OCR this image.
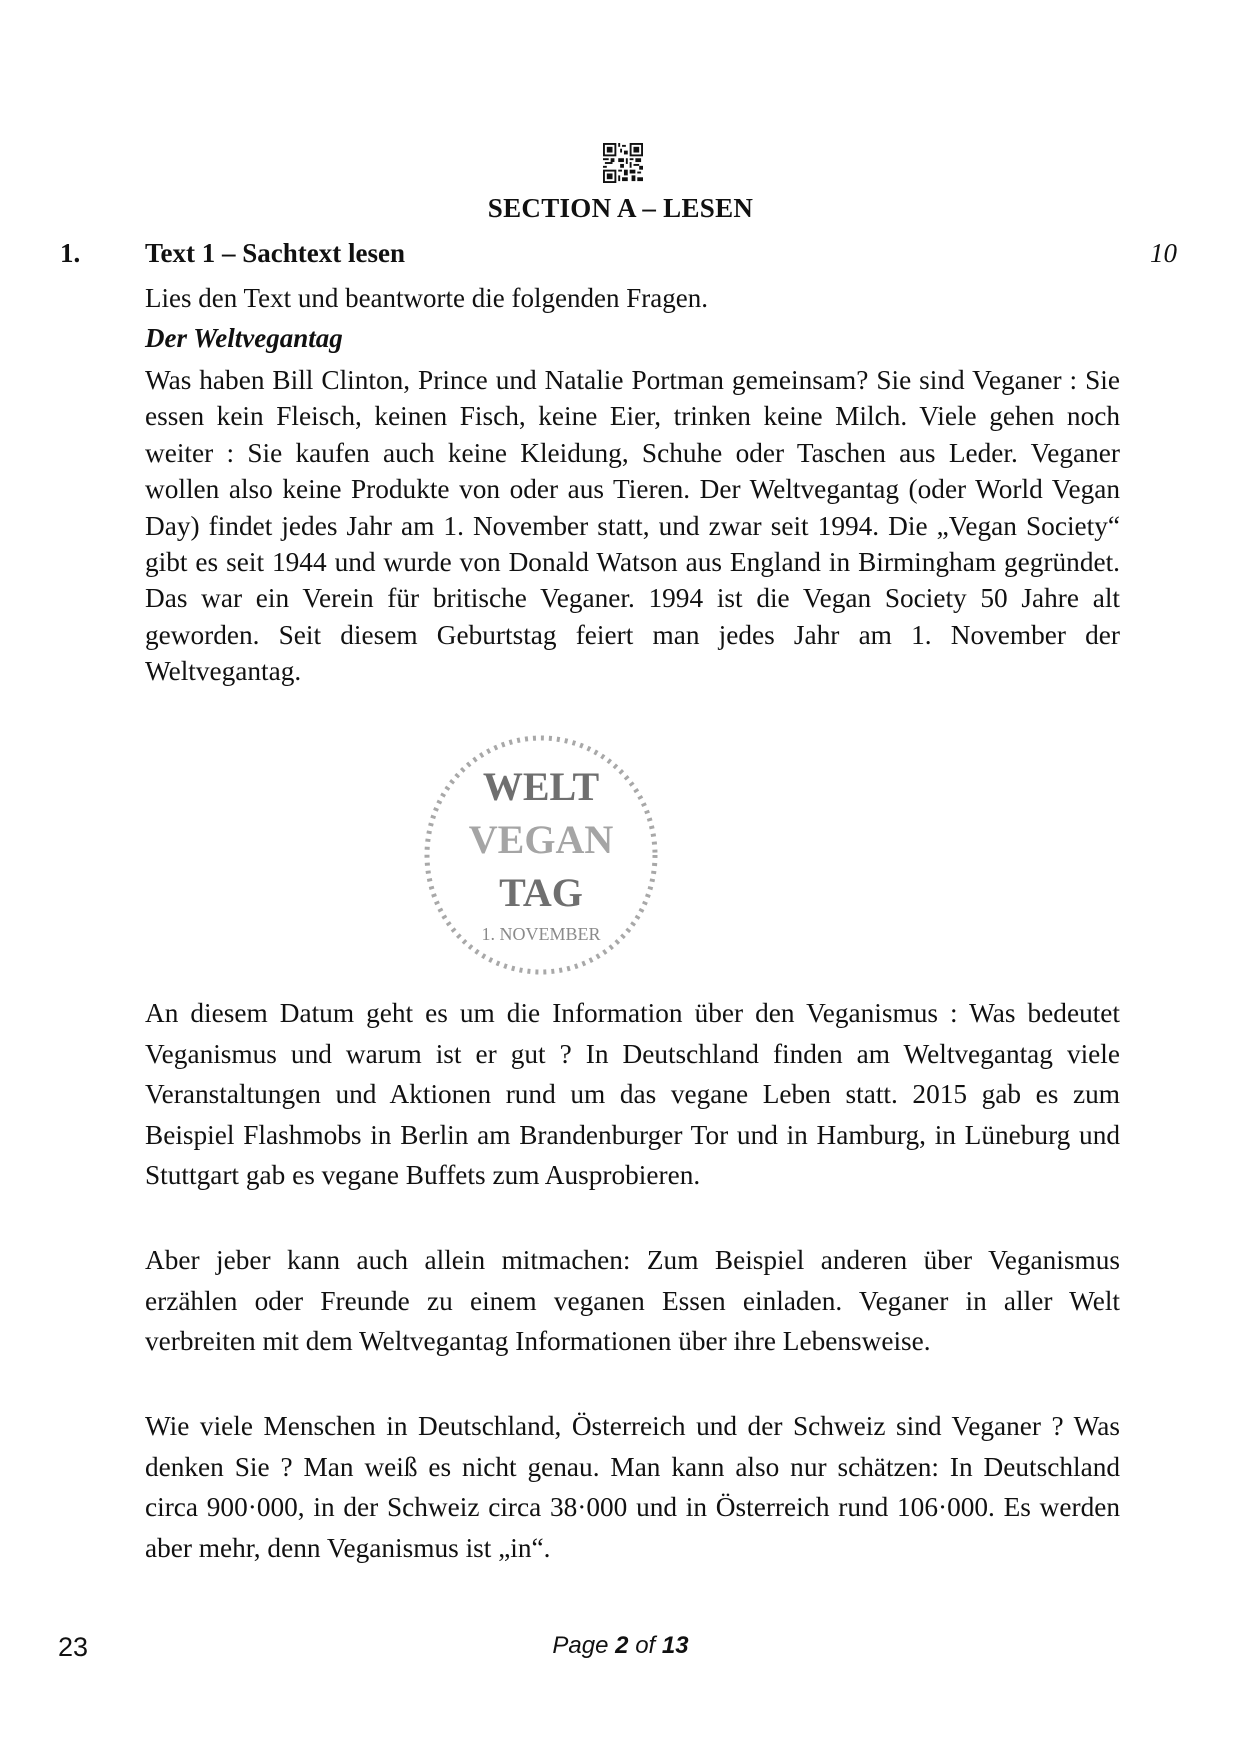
SECTION A – LESEN
1. Text 1 – Sachtext lesen	10
Lies den Text und beantworte die folgenden Fragen.
Der Weltvegantag

Was haben Bill Clinton, Prince und Natalie Portman gemeinsam? Sie sind Veganer : Sie essen kein Fleisch, keinen Fisch, keine Eier, trinken keine Milch. Viele gehen noch weiter : Sie kaufen auch keine Kleidung, Schuhe oder Taschen aus Leder. Veganer wollen also keine Produkte von oder aus Tieren. Der Weltvegantag (oder World Vegan Day) findet jedes Jahr am 1. November statt, und zwar seit 1994. Die „Vegan Society“ gibt es seit 1944 und wurde von Donald Watson aus England in Birmingham gegründet. Das war ein Verein für britische Veganer. 1994 ist die Vegan Society 50 Jahre alt geworden. Seit diesem Geburtstag feiert man jedes Jahr am 1. November der Weltvegantag.

WELT
VEGAN
TAG
1. NOVEMBER

An diesem Datum geht es um die Information über den Veganismus : Was bedeutet Veganismus und warum ist er gut ? In Deutschland finden am Weltvegantag viele Veranstaltungen und Aktionen rund um das vegane Leben statt. 2015 gab es zum Beispiel Flashmobs in Berlin am Brandenburger Tor und in Hamburg, in Lüneburg und Stuttgart gab es vegane Buffets zum Ausprobieren.

Aber jeber kann auch allein mitmachen: Zum Beispiel anderen über Veganismus erzählen oder Freunde zu einem veganen Essen einladen. Veganer in aller Welt verbreiten mit dem Weltvegantag Informationen über ihre Lebensweise.

Wie viele Menschen in Deutschland, Österreich und der Schweiz sind Veganer ? Was denken Sie ? Man weiß es nicht genau. Man kann also nur schätzen: In Deutschland circa 900·000, in der Schweiz circa 38·000 und in Österreich rund 106·000. Es werden aber mehr, denn Veganismus ist „in“.

23	Page 2 of 13
